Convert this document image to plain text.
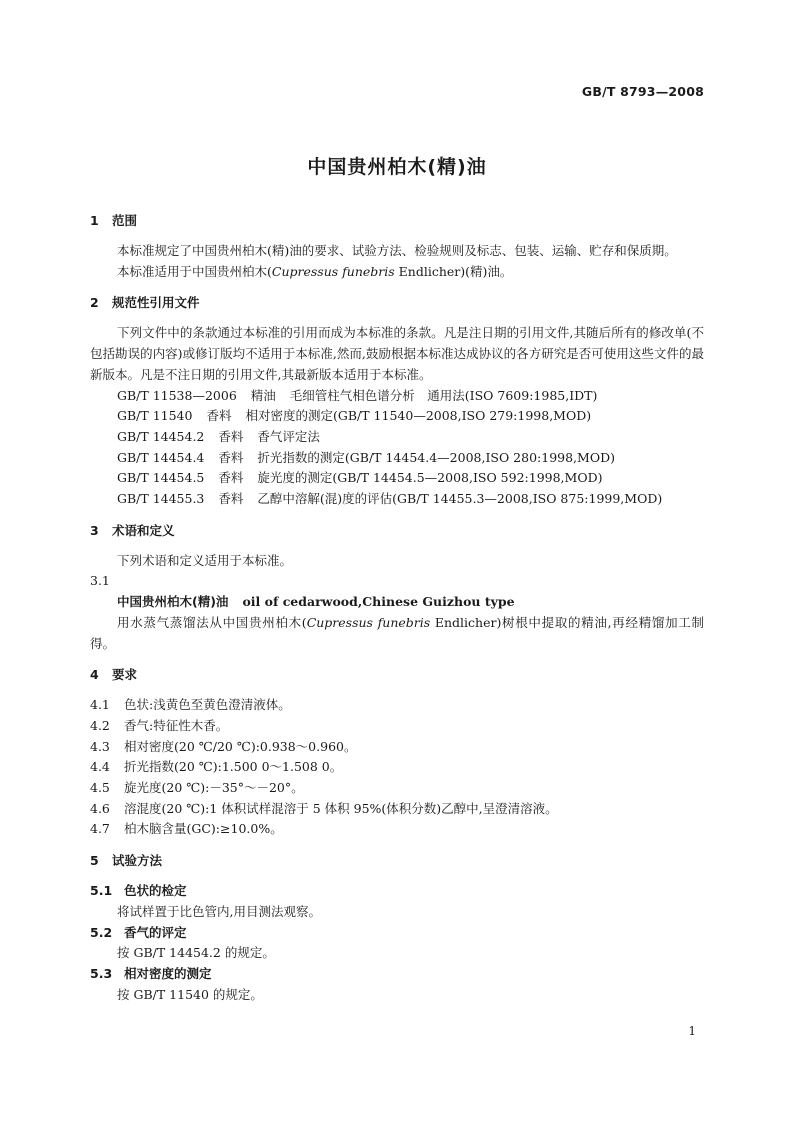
GB/T 8793—2008
中国贵州柏木(精)油
1 范围
本标准规定了中国贵州柏木(精)油的要求、试验方法、检验规则及标志、包装、运输、贮存和保质期。
本标准适用于中国贵州柏木(Cupressus funebris Endlicher)(精)油。
2 规范性引用文件
下列文件中的条款通过本标准的引用而成为本标准的条款。凡是注日期的引用文件,其随后所有的修改单(不包括勘误的内容)或修订版均不适用于本标准,然而,鼓励根据本标准达成协议的各方研究是否可使用这些文件的最新版本。凡是不注日期的引用文件,其最新版本适用于本标准。
GB/T 11538—2006 精油 毛细管柱气相色谱分析　通用法(ISO 7609:1985,IDT)
GB/T 11540 香料 相对密度的测定(GB/T 11540—2008,ISO 279:1998,MOD)
GB/T 14454.2 香料 香气评定法
GB/T 14454.4 香料 折光指数的测定(GB/T 14454.4—2008,ISO 280:1998,MOD)
GB/T 14454.5 香料 旋光度的测定(GB/T 14454.5—2008,ISO 592:1998,MOD)
GB/T 14455.3 香料 乙醇中溶解(混)度的评估(GB/T 14455.3—2008,ISO 875:1999,MOD)
3 术语和定义
下列术语和定义适用于本标准。
3.1
中国贵州柏木(精)油 oil of cedarwood,Chinese Guizhou type
用水蒸气蒸馏法从中国贵州柏木(Cupressus funebris Endlicher)树根中提取的精油,再经精馏加工制得。
4 要求
4.1 色状:浅黄色至黄色澄清液体。
4.2 香气:特征性木香。
4.3 相对密度(20 ℃/20 ℃):0.938～0.960。
4.4 折光指数(20 ℃):1.500 0～1.508 0。
4.5 旋光度(20 ℃):－35°～－20°。
4.6 溶混度(20 ℃):1 体积试样混溶于 5 体积 95%(体积分数)乙醇中,呈澄清溶液。
4.7 柏木脑含量(GC):≥10.0%。
5 试验方法
5.1 色状的检定
将试样置于比色管内,用目测法观察。
5.2 香气的评定
按 GB/T 14454.2 的规定。
5.3 相对密度的测定
按 GB/T 11540 的规定。
1
